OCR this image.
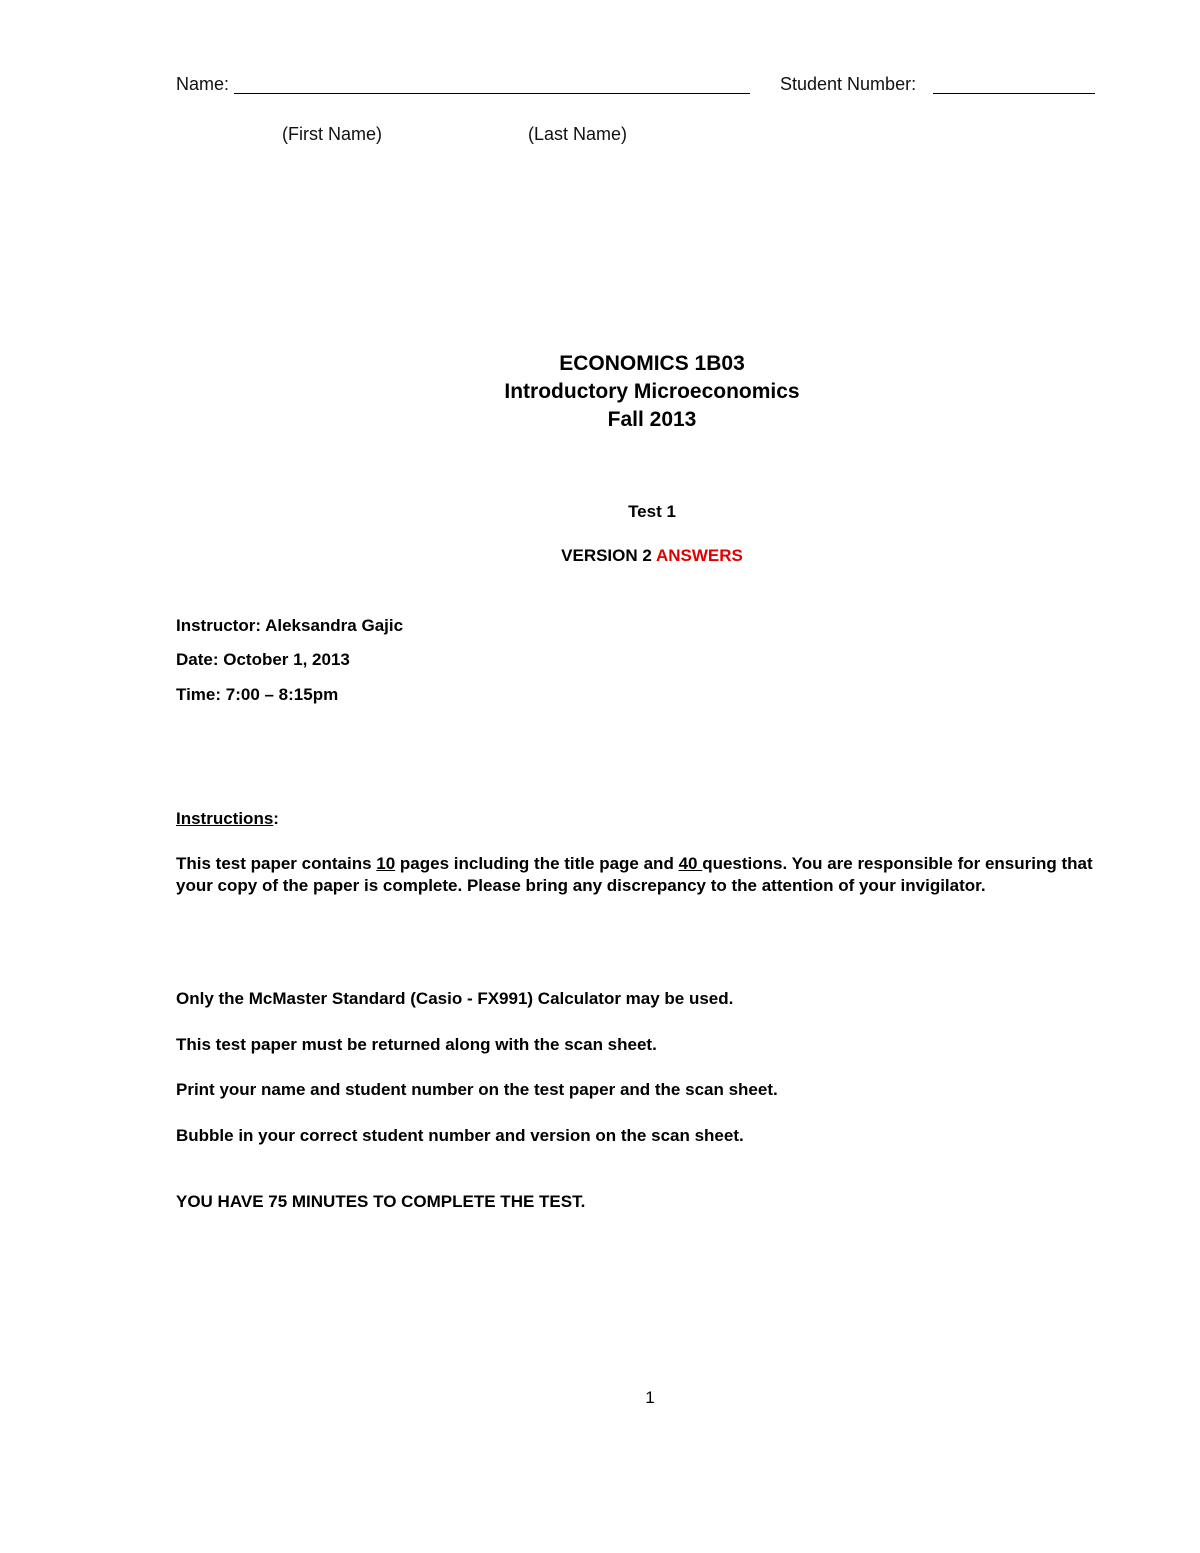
Name:	Student Number:
(First Name)	(Last Name)
ECONOMICS 1B03
Introductory Microeconomics
Fall 2013
Test 1
VERSION 2 ANSWERS
Instructor: Aleksandra Gajic
Date: October 1, 2013
Time: 7:00 – 8:15pm
Instructions:
This test paper contains 10 pages including the title page and 40 questions. You are responsible for ensuring that your copy of the paper is complete. Please bring any discrepancy to the attention of your invigilator.
Only the McMaster Standard (Casio - FX991) Calculator may be used.
This test paper must be returned along with the scan sheet.
Print your name and student number on the test paper and the scan sheet.
Bubble in your correct student number and version on the scan sheet.
YOU HAVE 75 MINUTES TO COMPLETE THE TEST.
1
